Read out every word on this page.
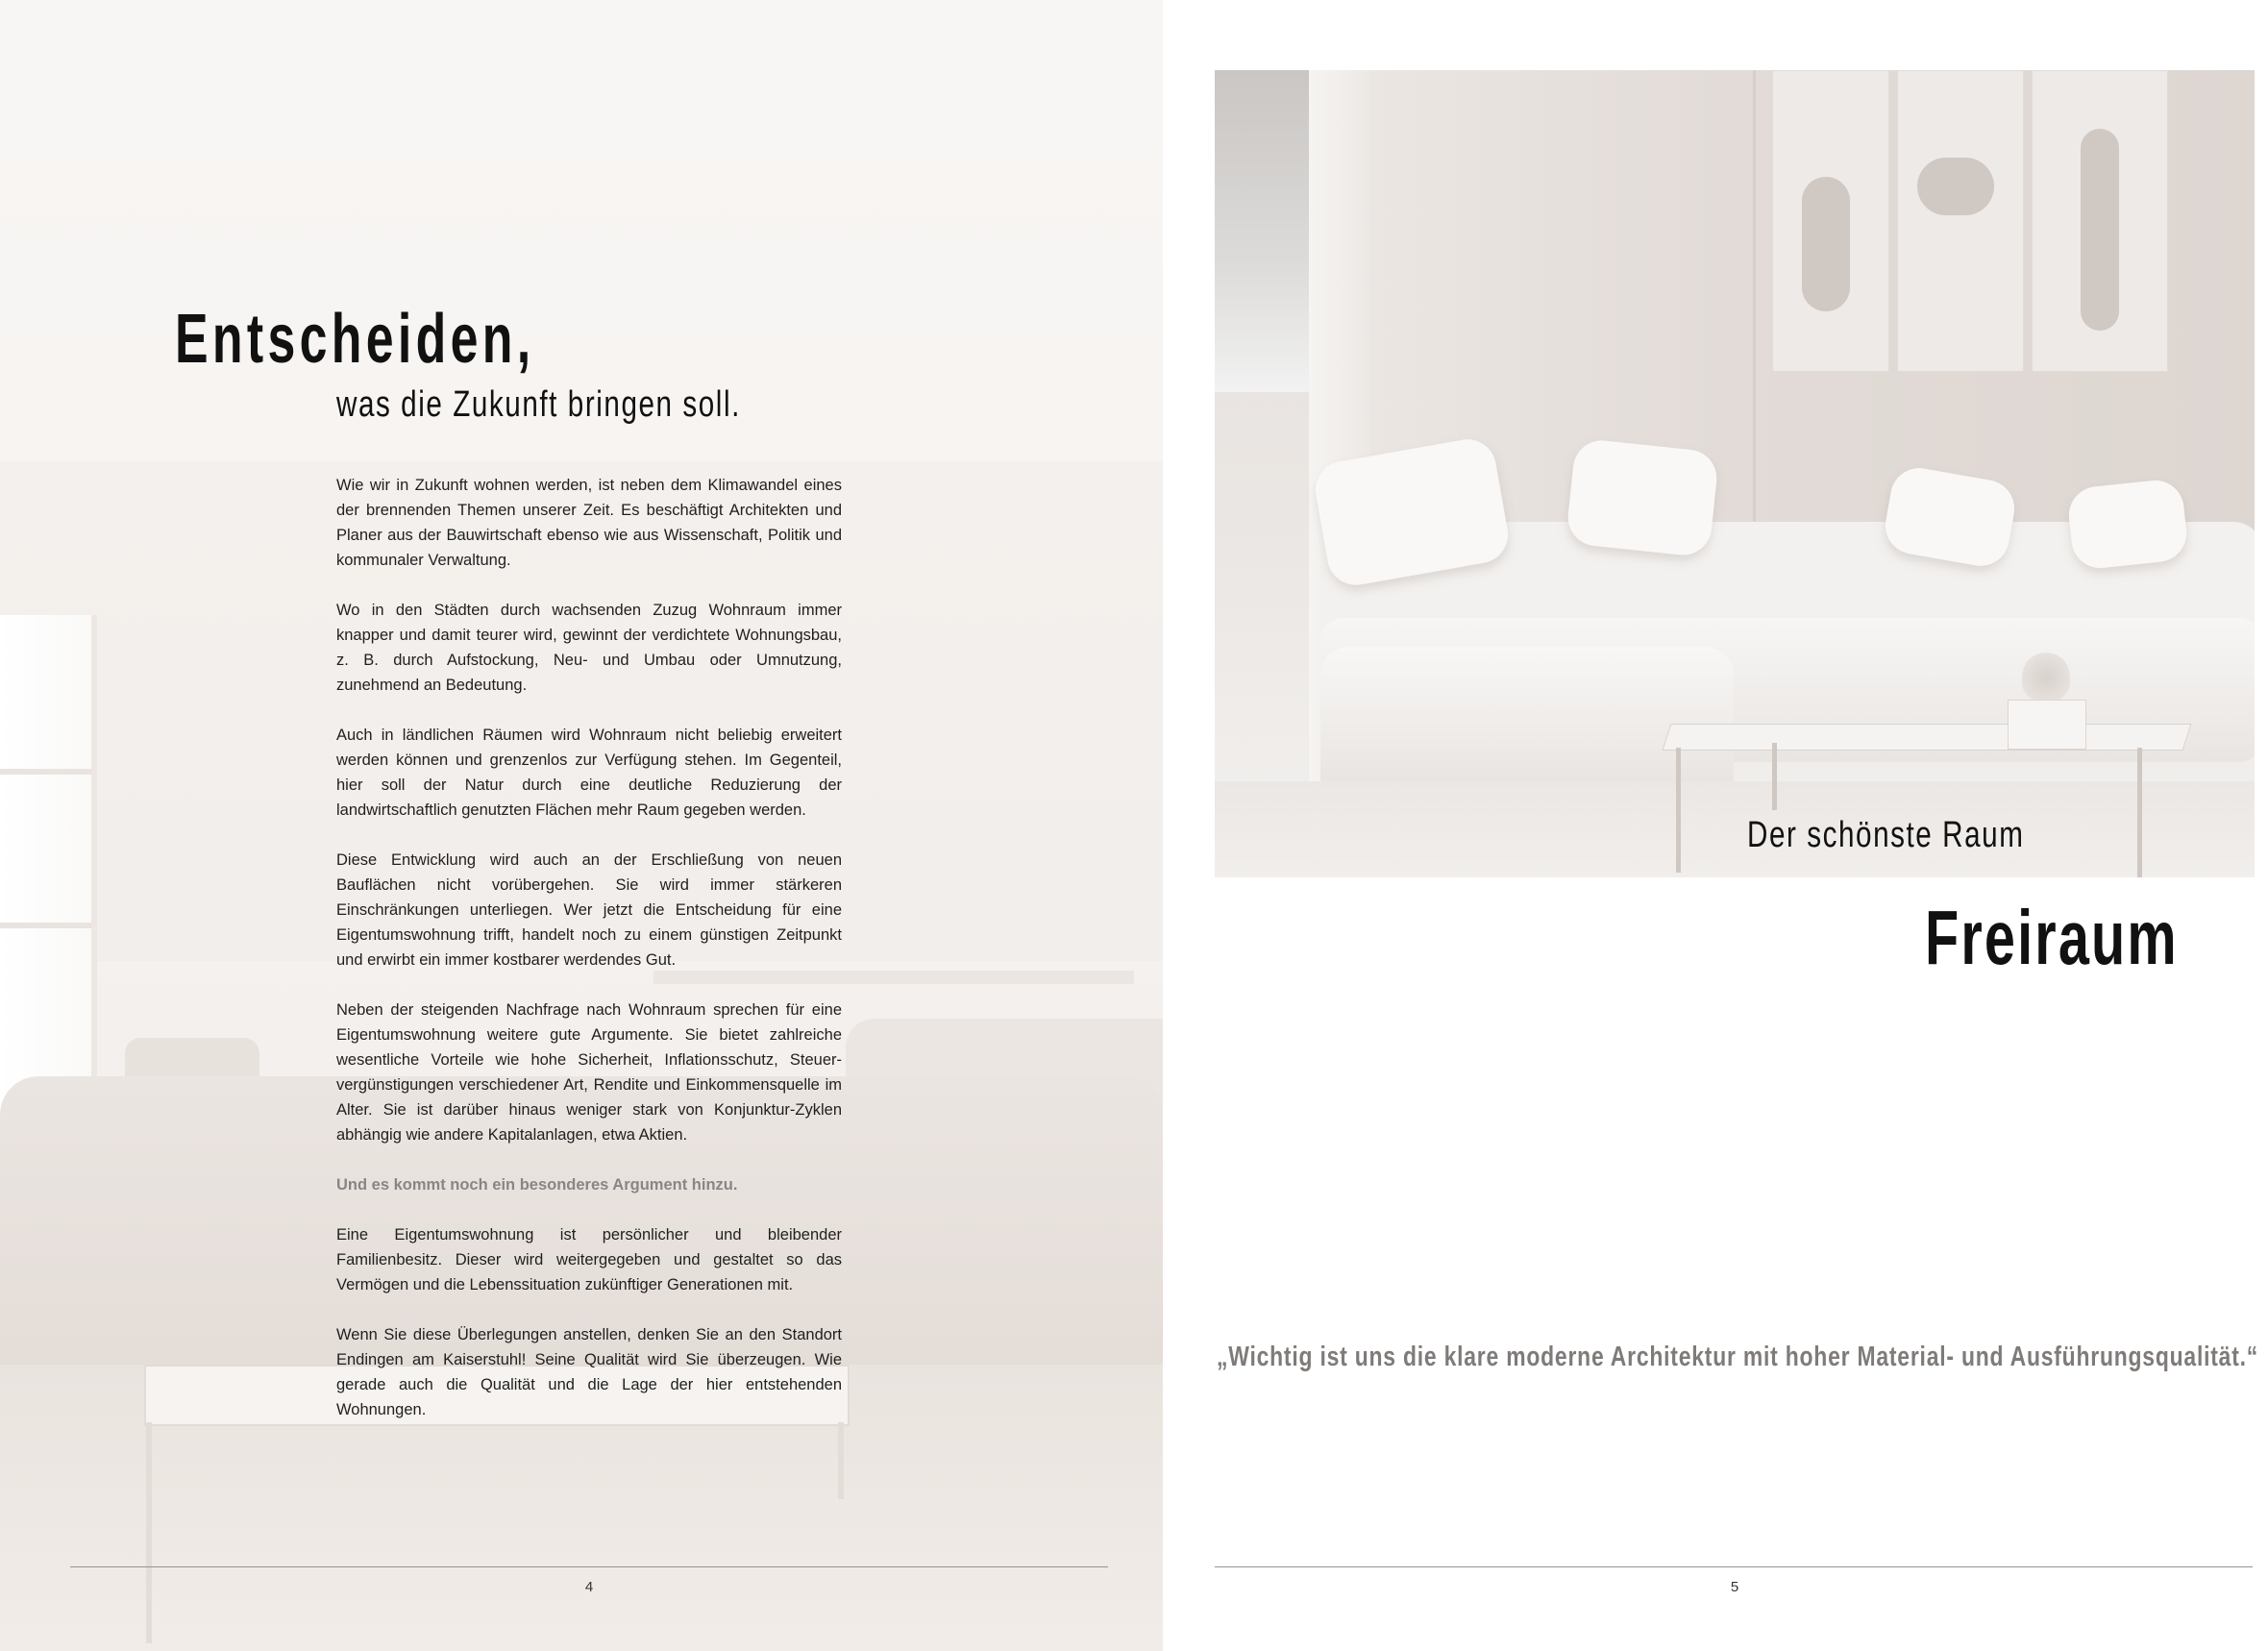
Entscheiden,
was die Zukunft bringen soll.

Wie wir in Zukunft wohnen werden, ist neben dem Klimawandel eines der brennenden Themen unserer Zeit. Es beschäftigt Architekten und Planer aus der Bauwirtschaft ebenso wie aus Wissenschaft, Politik und kommunaler Verwaltung.

Wo in den Städten durch wachsenden Zuzug Wohnraum immer knapper und damit teurer wird, gewinnt der verdichtete Wohnungsbau, z. B. durch Aufstockung, Neu- und Umbau oder Umnutzung, zunehmend an Bedeutung.

Auch in ländlichen Räumen wird Wohnraum nicht beliebig erweitert werden können und grenzenlos zur Verfügung stehen. Im Gegenteil, hier soll der Natur durch eine deutliche Reduzierung der landwirtschaftlich genutzten Flächen mehr Raum gegeben werden.

Diese Entwicklung wird auch an der Erschließung von neuen Bauflächen nicht vorübergehen. Sie wird immer stärkeren Einschränkungen unterliegen. Wer jetzt die Entscheidung für eine Eigentumswohnung trifft, handelt noch zu einem günstigen Zeitpunkt und erwirbt ein immer kostbarer werdendes Gut.

Neben der steigenden Nachfrage nach Wohnraum sprechen für eine Eigentumswohnung weitere gute Argumente. Sie bietet zahlreiche wesentliche Vorteile wie hohe Sicherheit, Inflationsschutz, Steuer-vergünstigungen verschiedener Art, Rendite und Einkommensquelle im Alter. Sie ist darüber hinaus weniger stark von Konjunktur-Zyklen abhängig wie andere Kapitalanlagen, etwa Aktien.

Und es kommt noch ein besonderes Argument hinzu.

Eine Eigentumswohnung ist persönlicher und bleibender Familienbesitz. Dieser wird weitergegeben und gestaltet so das Vermögen und die Lebenssituation zukünftiger Generationen mit.

Wenn Sie diese Überlegungen anstellen, denken Sie an den Standort Endingen am Kaiserstuhl! Seine Qualität wird Sie überzeugen. Wie gerade auch die Qualität und die Lage der hier entstehenden Wohnungen.

4
Der schönste Raum
Freiraum

„Wichtig ist uns die klare moderne Architektur mit hoher Material- und Ausführungsqualität.“

5
